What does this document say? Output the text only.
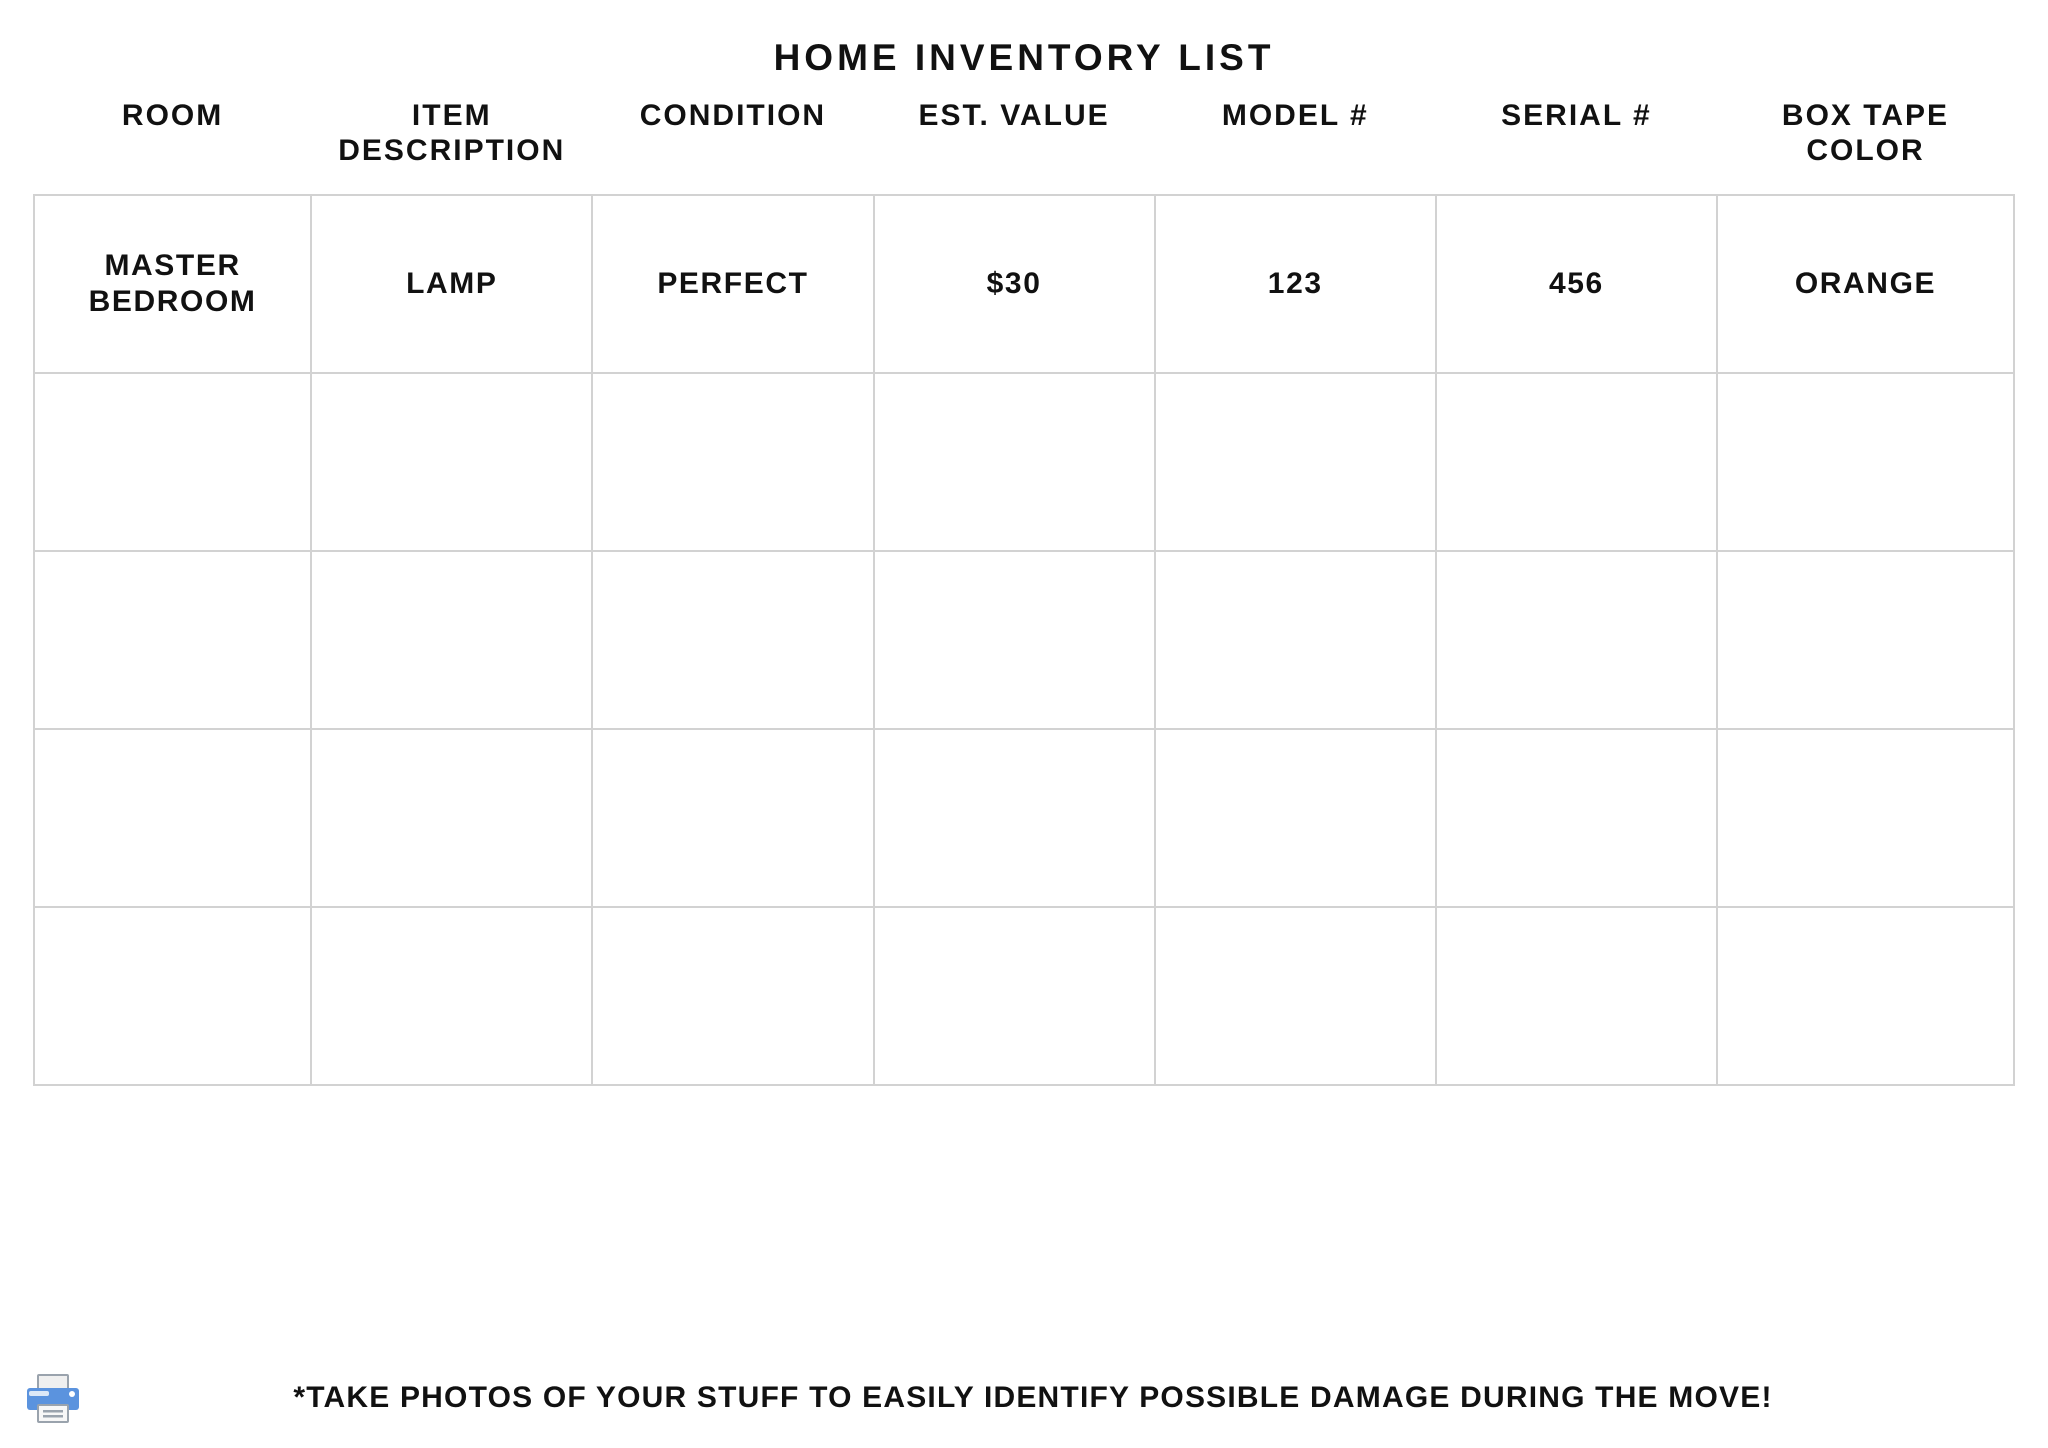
HOME INVENTORY LIST
ROOM	ITEM DESCRIPTION	CONDITION	EST. VALUE	MODEL #	SERIAL #	BOX TAPE COLOR
MASTER BEDROOM	LAMP	PERFECT	$30	123	456	ORANGE

*TAKE PHOTOS OF YOUR STUFF TO EASILY IDENTIFY POSSIBLE DAMAGE DURING THE MOVE!
